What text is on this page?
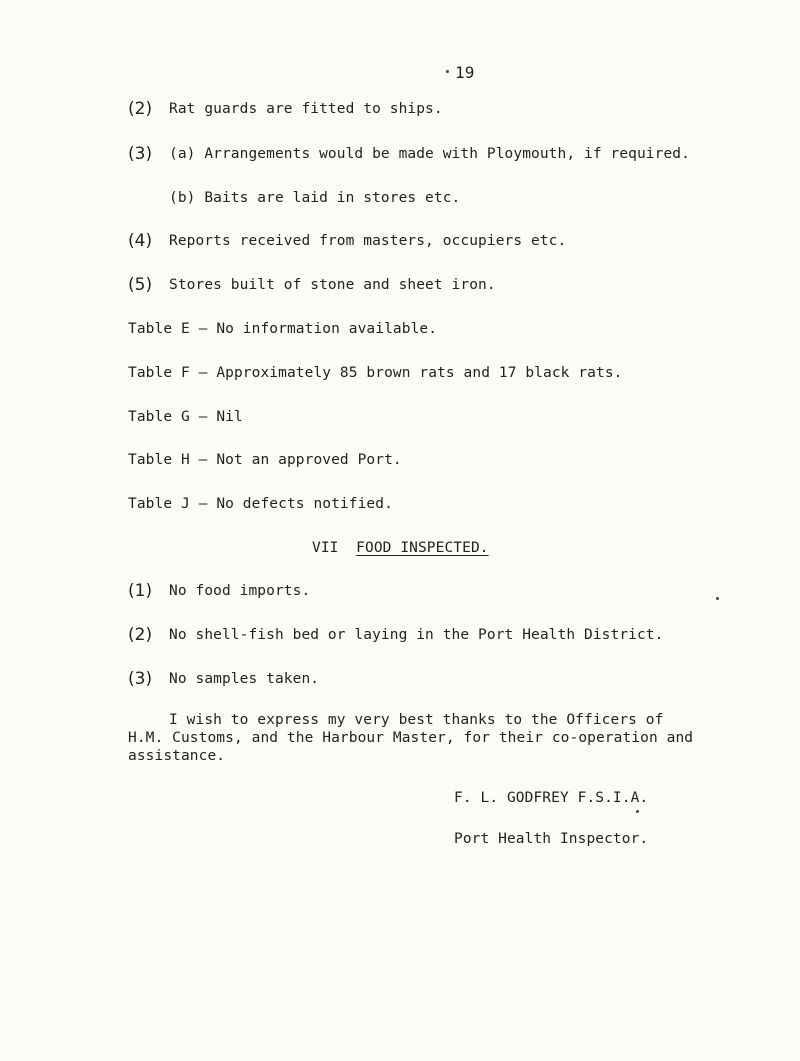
19
(2) Rat guards are fitted to ships.
(3) (a) Arrangements would be made with Ploymouth, if required.
(b) Baits are laid in stores etc.
(4) Reports received from masters, occupiers etc.
(5) Stores built of stone and sheet iron.
Table E – No information available.
Table F – Approximately 85 brown rats and 17 black rats.
Table G – Nil
Table H – Not an approved Port.
Table J – No defects notified.
VII FOOD INSPECTED.
(1) No food imports.
(2) No shell-fish bed or laying in the Port Health District.
(3) No samples taken.
I wish to express my very best thanks to the Officers of
H.M. Customs, and the Harbour Master, for their co-operation and
assistance.
F. L. GODFREY F.S.I.A.
Port Health Inspector.
